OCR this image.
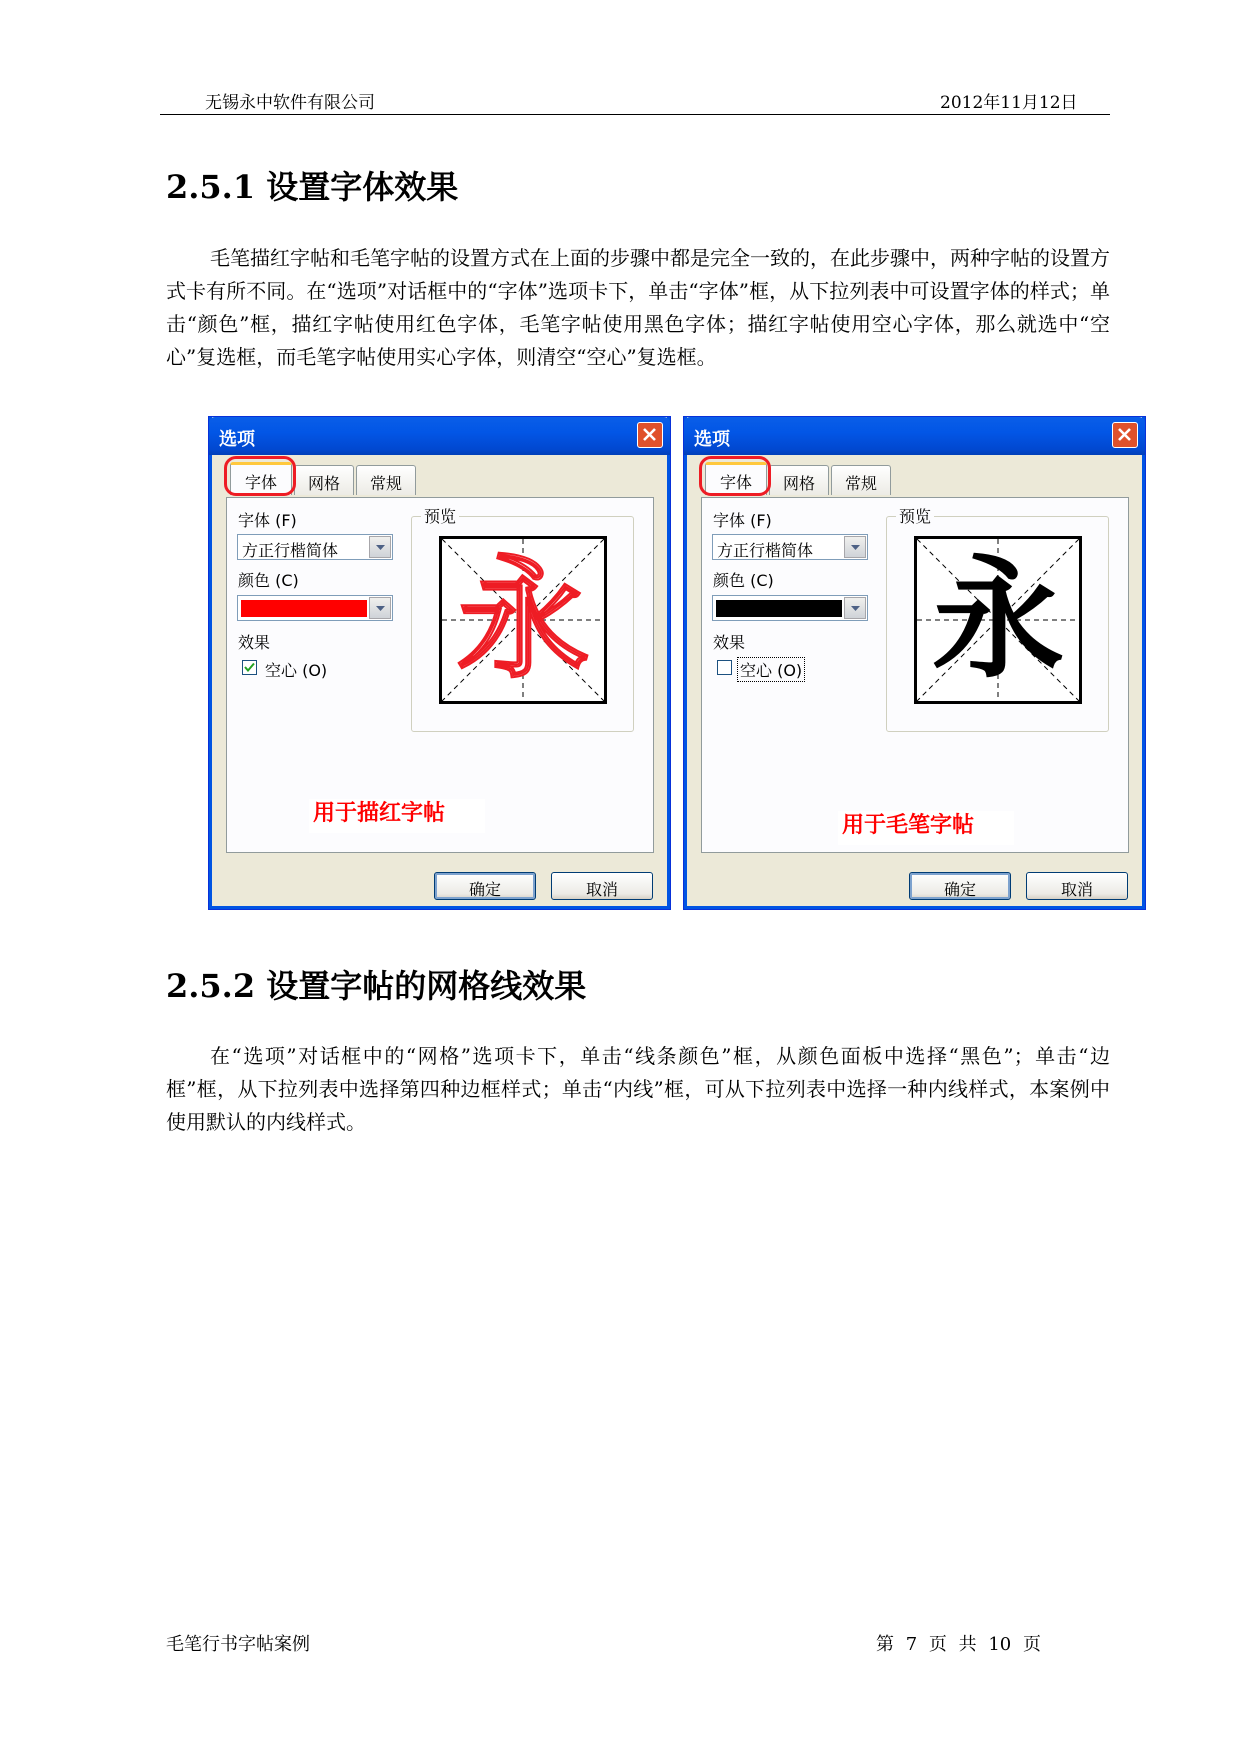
无锡永中软件有限公司	2012年11月12日
2.5.1 设置字体效果

毛笔描红字帖和毛笔字帖的设置方式在上面的步骤中都是完全一致的，在此步骤中，两种字帖的设置方式卡有所不同。在“选项”对话框中的“字体”选项卡下，单击“字体”框，从下拉列表中可设置字体的样式；单击“颜色”框，描红字帖使用红色字体，毛笔字帖使用黑色字体；描红字帖使用空心字体，那么就选中“空心”复选框，而毛笔字帖使用实心字体，则清空“空心”复选框。

选项
网格	常规
字体
字体 (F)
方正行楷简体
颜色 (C)
效果
空心 (O)
预览
永
用于描红字帖
确定	取消
选项
网格	常规
字体
字体 (F)
方正行楷简体
颜色 (C)
效果
空心 (O)
预览
永
用于毛笔字帖
确定	取消
2.5.2 设置字帖的网格线效果

在“选项”对话框中的“网格”选项卡下，单击“线条颜色”框，从颜色面板中选择“黑色”；单击“边框”框，从下拉列表中选择第四种边框样式；单击“内线”框，可从下拉列表中选择一种内线样式，本案例中使用默认的内线样式。

毛笔行书字帖案例	第 7 页 共 10 页
